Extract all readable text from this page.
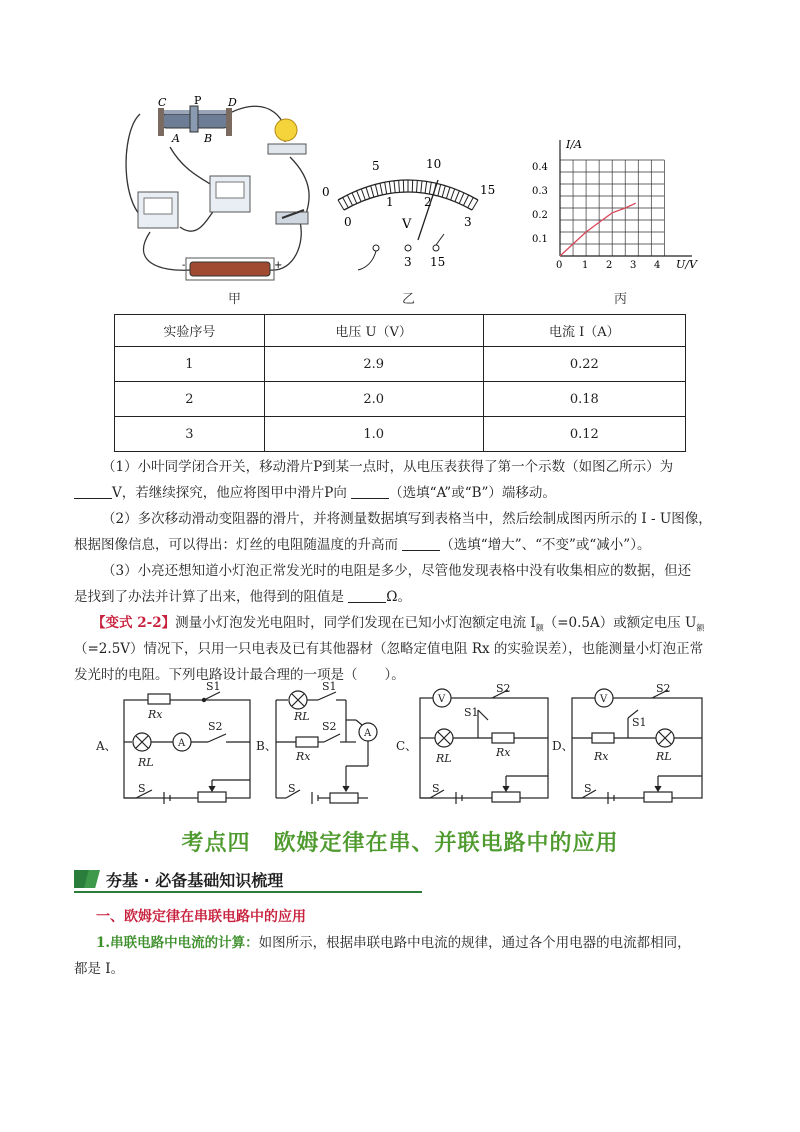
-	+
C	P D
A B
甲
0
5	10
15
0
1	2
3
V
3 15
乙
I/A
U/V
0.4
0.3
0.2
0.1
0 1 2 3 4
丙
实验序号	电压 U（V）	电流 I（A）
1	2.9	0.22
2	2.0	0.18
3	1.0	0.12
（1）小叶同学闭合开关，移动滑片P到某一点时，从电压表获得了第一个示数（如图乙所示）为
V，若继续探究，他应将图甲中滑片P向	（选填“A”或“B”）端移动。
（2）多次移动滑动变阻器的滑片，并将测量数据填写到表格当中，然后绘制成图丙所示的 I - U图像，
根据图像信息，可以得出：灯丝的电阻随温度的升高而	（选填“增大”、“不变”或“减小”）。
（3）小亮还想知道小灯泡正常发光时的电阻是多少，尽管他发现表格中没有收集相应的数据，但还
是找到了办法并计算了出来，他得到的阻值是	Ω。
【变式 2-2】测量小灯泡发光电阻时，同学们发现在已知小灯泡额定电流 $I_额(=0.5A)$或额定电压 $U_额$
（=2.5V）情况下，只用一只电表及已有其他器材（忽略定值电阻 Rx 的实验误差），也能测量小灯泡正常
发光时的电阻。下列电路设计最合理的一项是（　　）。
A、	A
Rx
S1
S2
RL
S
B、
A
RL
S1
S2
Rx
S
C、
V
S2
S1
Rx
RL
S
D、
V
S2
S1
Rx	RL
S
考点四　欧姆定律在串、并联电路中的应用
夯基 · 必备基础知识梳理
一、欧姆定律在串联电路中的应用
1.串联电路中电流的计算：如图所示，根据串联电路中电流的规律，通过各个用电器的电流都相同，
都是 I。
